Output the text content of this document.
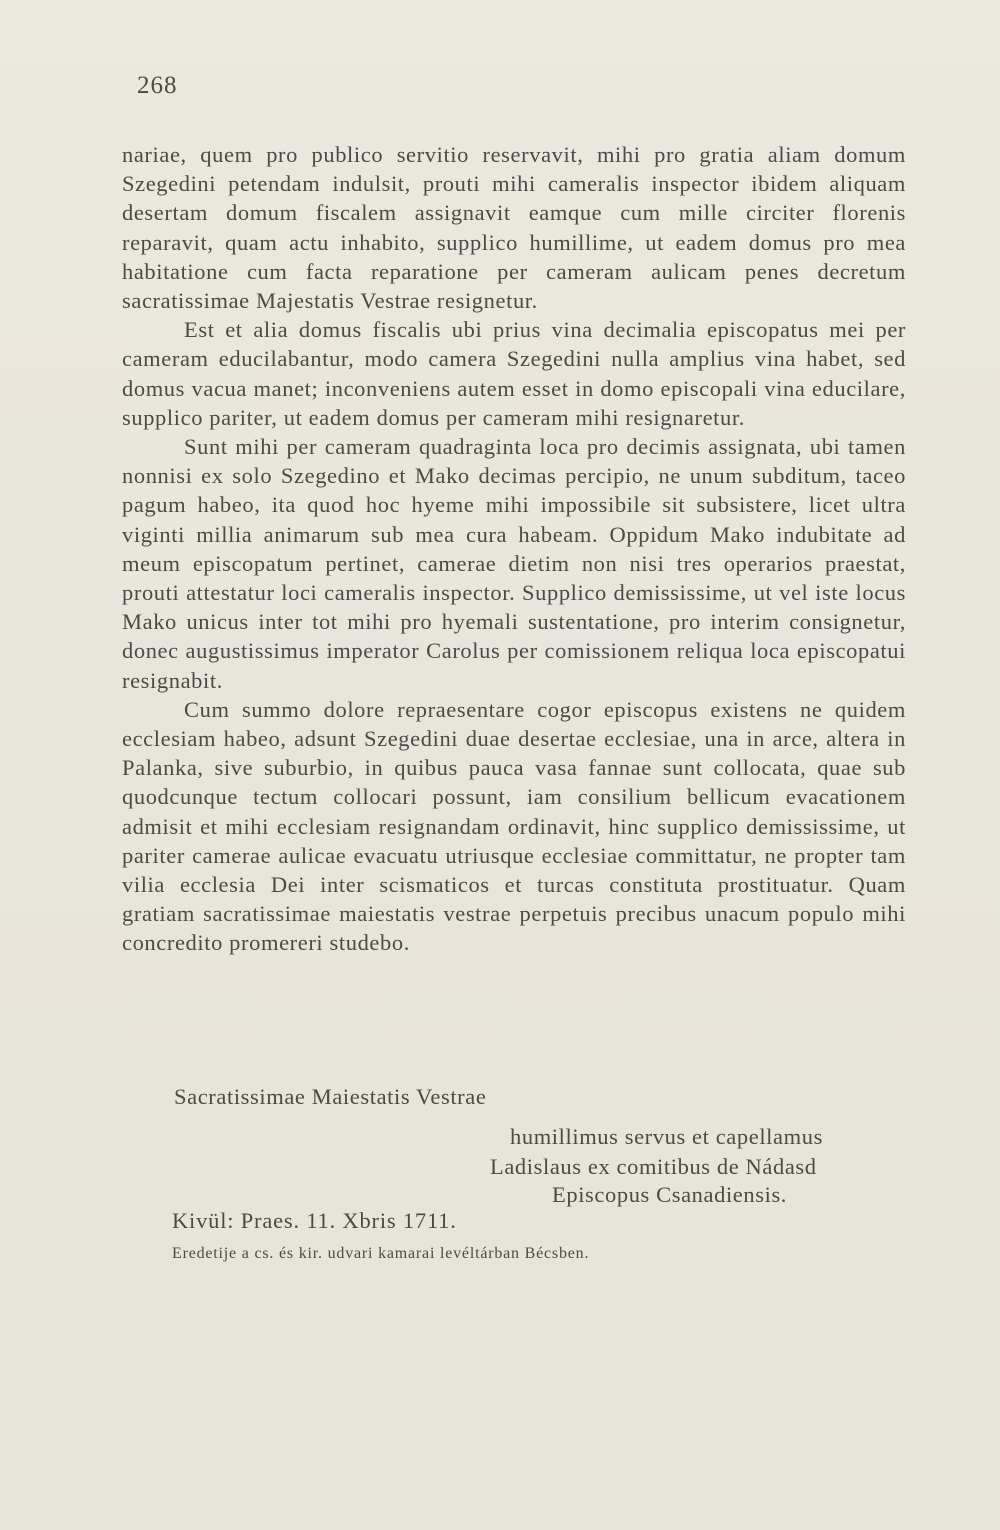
268

nariae, quem pro publico servitio reservavit, mihi pro gratia aliam domum Szegedini petendam indulsit, prouti mihi cameralis inspector ibidem aliquam desertam domum fiscalem assignavit eamque cum mille circiter florenis reparavit, quam actu inhabito, supplico humillime, ut eadem domus pro mea habitatione cum facta reparatione per cameram aulicam penes decretum sacratissimae Majestatis Vestrae resignetur.

Est et alia domus fiscalis ubi prius vina decimalia episcopatus mei per cameram educilabantur, modo camera Szegedini nulla amplius vina habet, sed domus vacua manet; inconveniens autem esset in domo episcopali vina educilare, supplico pariter, ut eadem domus per cameram mihi resignaretur.

Sunt mihi per cameram quadraginta loca pro decimis assignata, ubi tamen nonnisi ex solo Szegedino et Mako decimas percipio, ne unum subditum, taceo pagum habeo, ita quod hoc hyeme mihi impossibile sit subsistere, licet ultra viginti millia animarum sub mea cura habeam. Oppidum Mako indubitate ad meum episcopatum pertinet, camerae dietim non nisi tres operarios praestat, prouti attestatur loci cameralis inspector. Supplico demississime, ut vel iste locus Mako unicus inter tot mihi pro hyemali sustentatione, pro interim consignetur, donec augustissimus imperator Carolus per comissionem reliqua loca episcopatui resignabit.

Cum summo dolore repraesentare cogor episcopus existens ne quidem ecclesiam habeo, adsunt Szegedini duae desertae ecclesiae, una in arce, altera in Palanka, sive suburbio, in quibus pauca vasa fannae sunt collocata, quae sub quodcunque tectum collocari possunt, iam consilium bellicum evacationem admisit et mihi ecclesiam resignandam ordinavit, hinc supplico demississime, ut pariter camerae aulicae evacuatu utriusque ecclesiae committatur, ne propter tam vilia ecclesia Dei inter scismaticos et turcas constituta prostituatur. Quam gratiam sacratissimae maiestatis vestrae perpetuis precibus unacum populo mihi concredito promereri studebo.

Sacratissimae Maiestatis Vestrae
humillimus servus et capellamus
Ladislaus ex comitibus de Nádasd
Episcopus Csanadiensis.
Kivül: Praes. 11. Xbris 1711.
Eredetije a cs. és kir. udvari kamarai levéltárban Bécsben.
